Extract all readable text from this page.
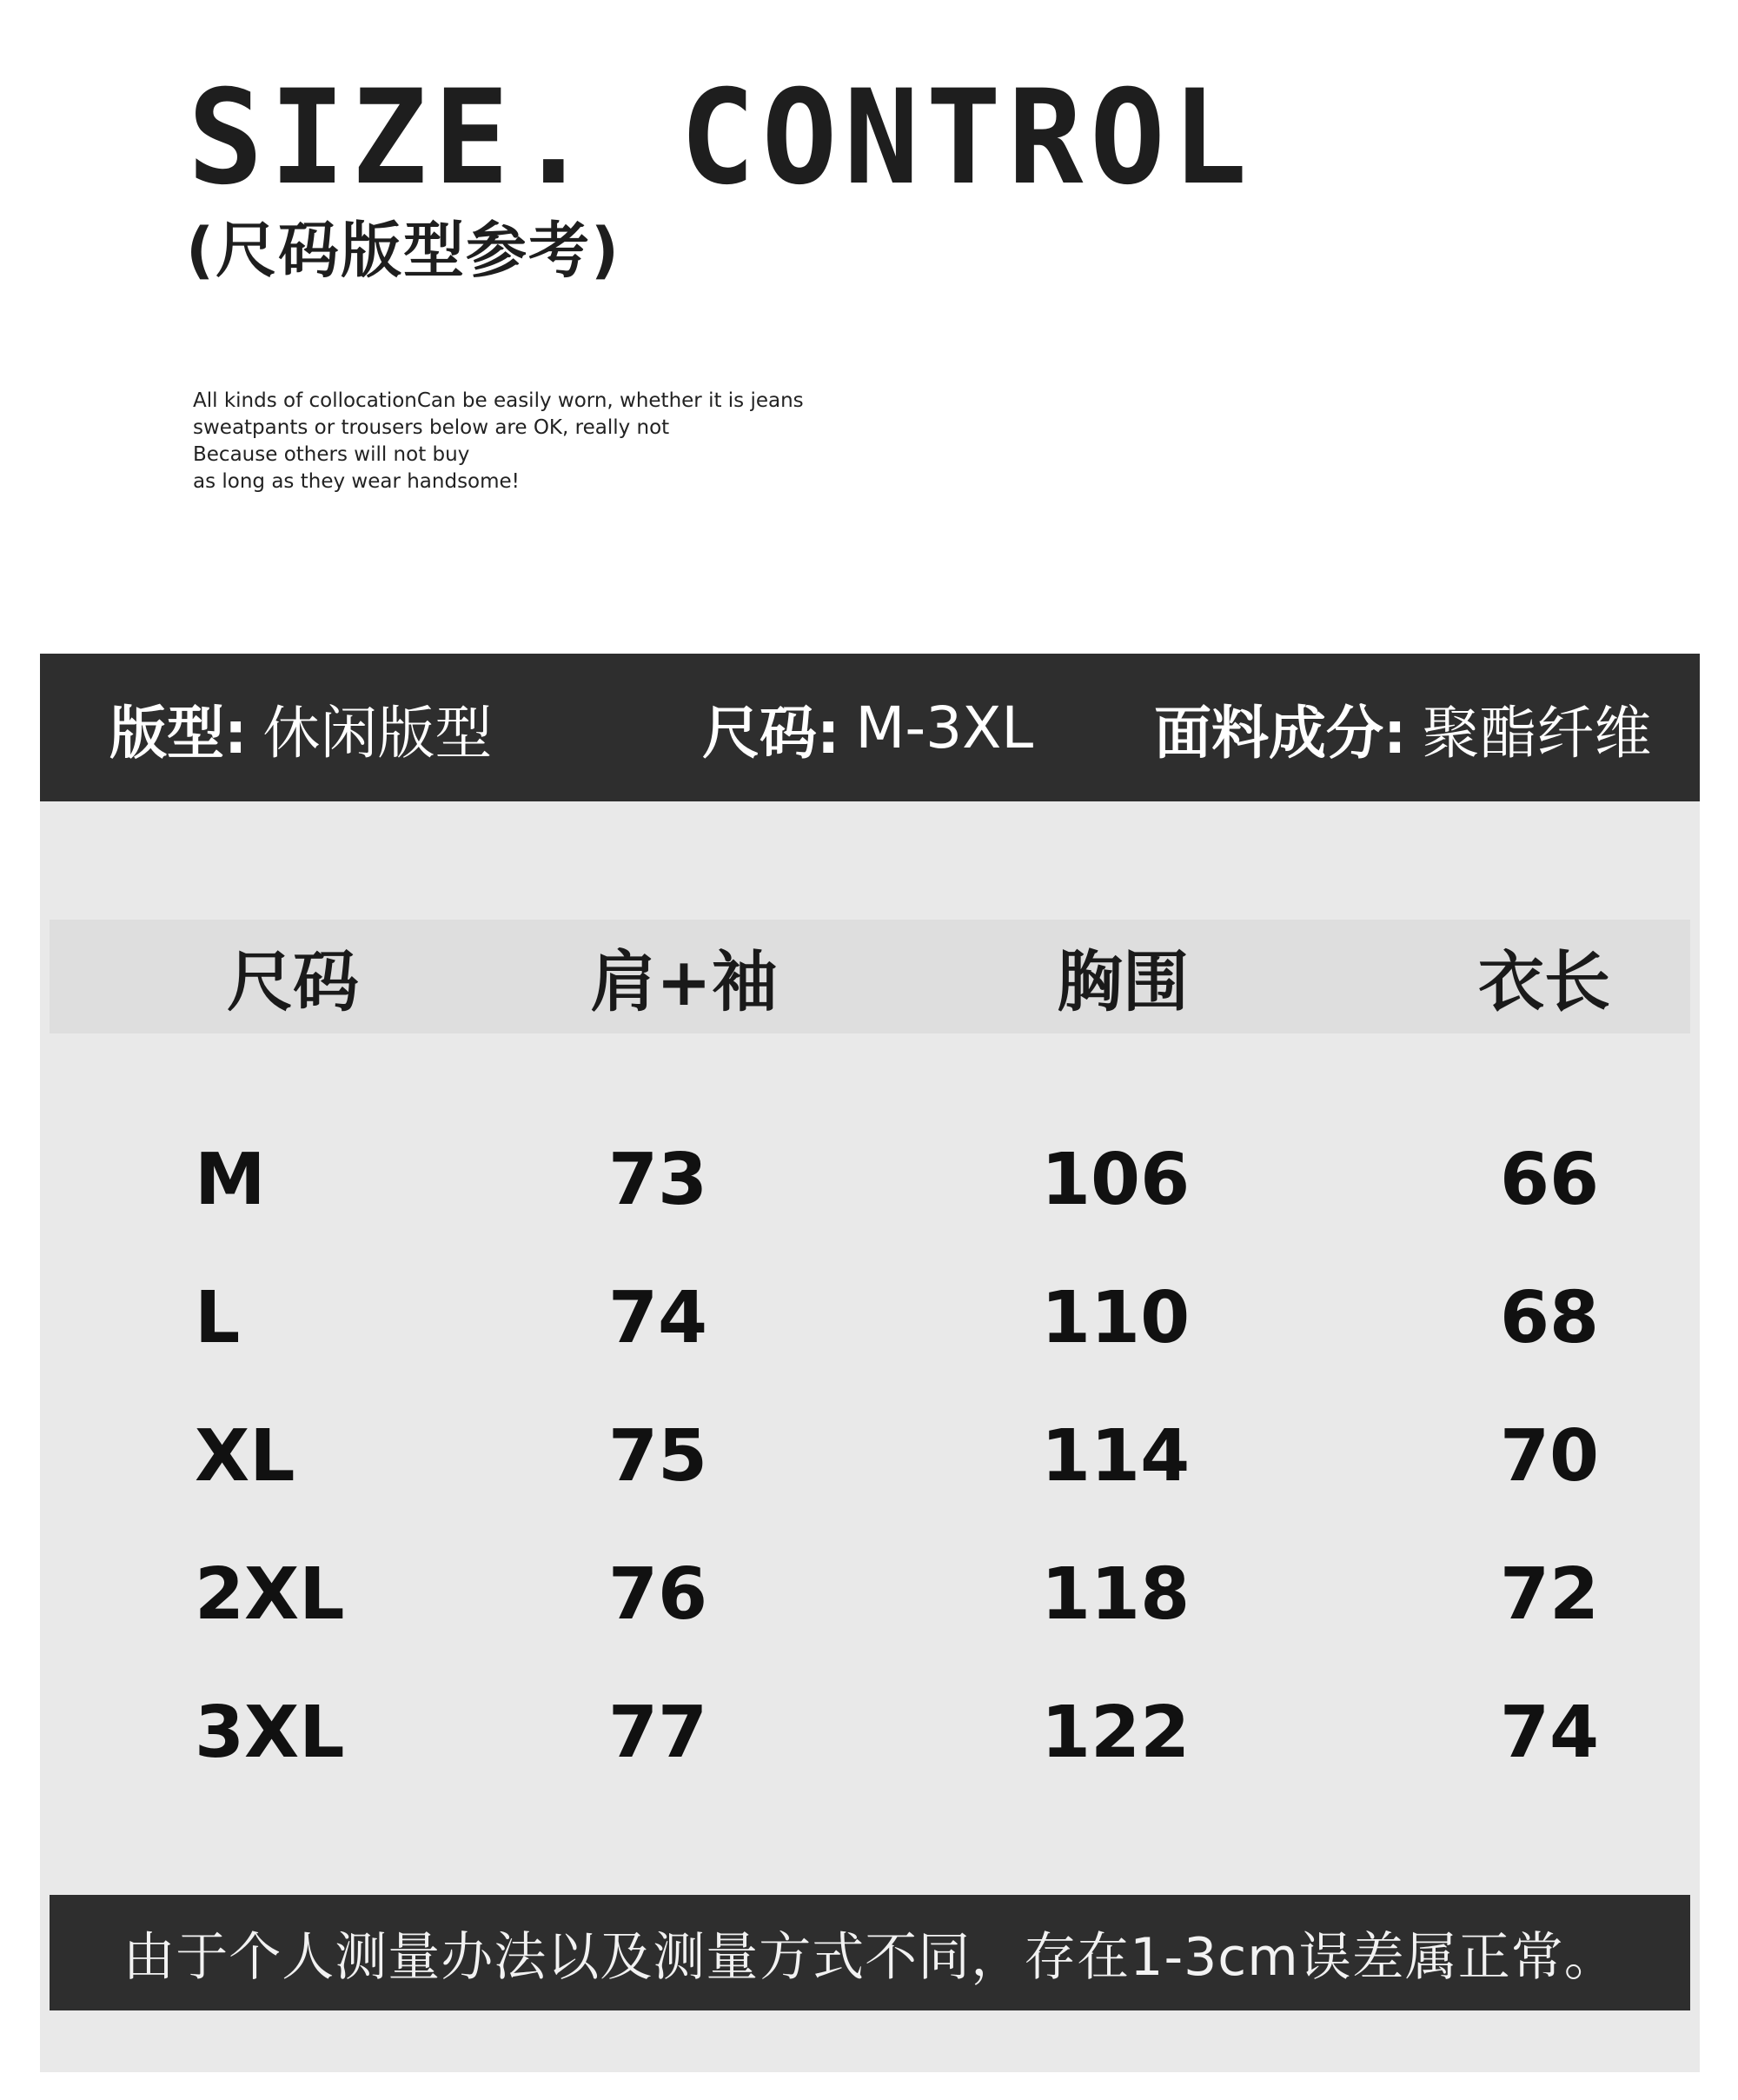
SIZE. CONTROL
(尺码版型参考)
All kinds of collocationCan be easily worn, whether it is jeans
sweatpants or trousers below are OK, really not
Because others will not buy
as long as they wear handsome!
版型: 休闲版型	尺码: M-3XL 面料成分: 聚酯纤维
尺码	肩+袖	胸围	衣长
M	73	106	66
L	74	110	68
XL	75	114	70
2XL	76	118	72
3XL	77	122	74
由于个人测量办法以及测量方式不同，存在1-3cm误差属正常。
